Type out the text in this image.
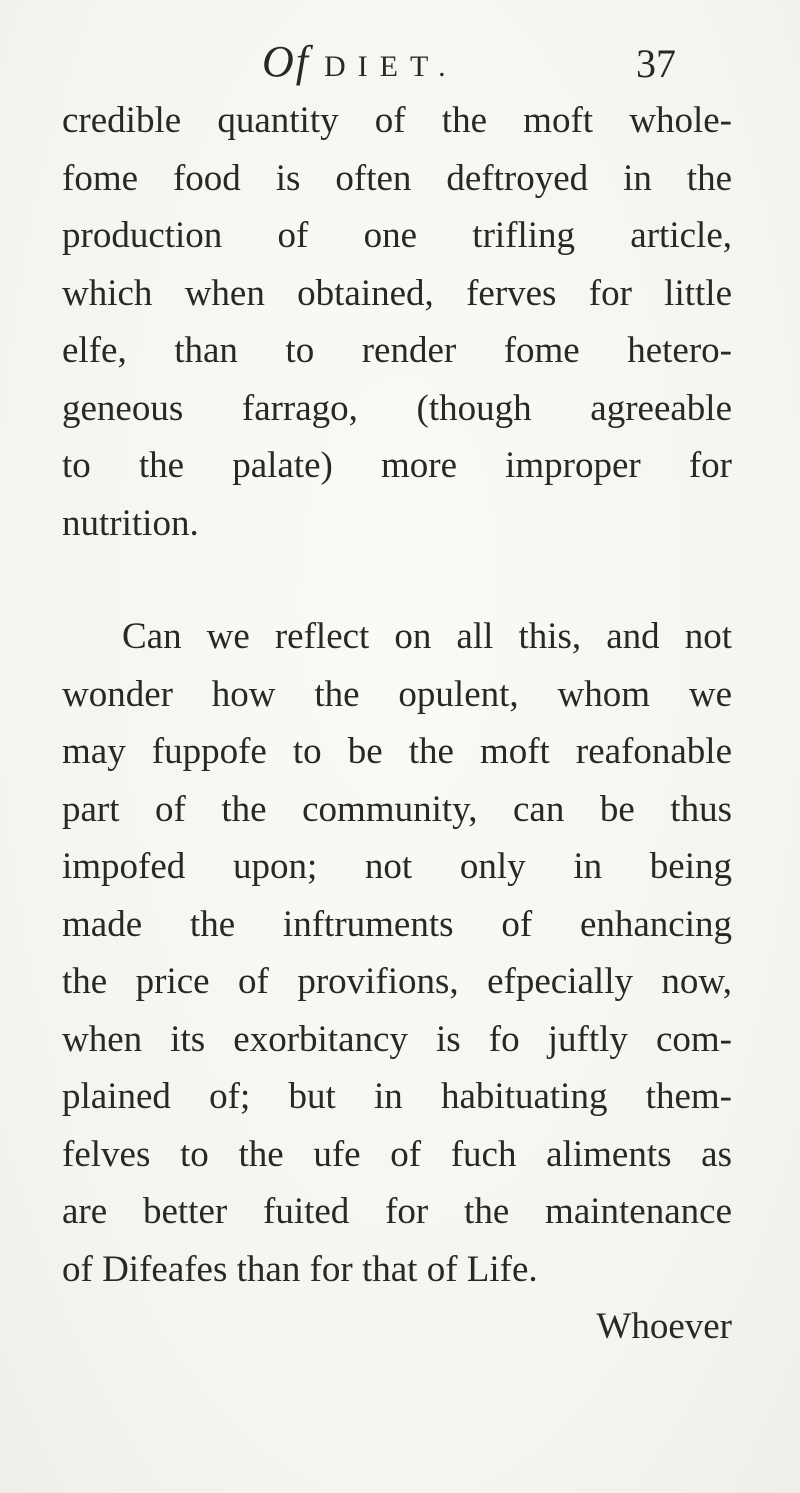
Of DIET.	37
credible quantity of the moft whole-
fome food is often deftroyed in the
production of one trifling article,
which when obtained, ferves for little
elfe, than to render fome hetero-
geneous farrago, (though agreeable
to the palate) more improper for
nutrition.
Can we reflect on all this, and not
wonder how the opulent, whom we
may fuppofe to be the moft reafonable
part of the community, can be thus
impofed upon; not only in being
made the inftruments of enhancing
the price of provifions, efpecially now,
when its exorbitancy is fo juftly com-
plained of; but in habituating them-
felves to the ufe of fuch aliments as
are better fuited for the maintenance
of Difeafes than for that of Life.
Whoever
